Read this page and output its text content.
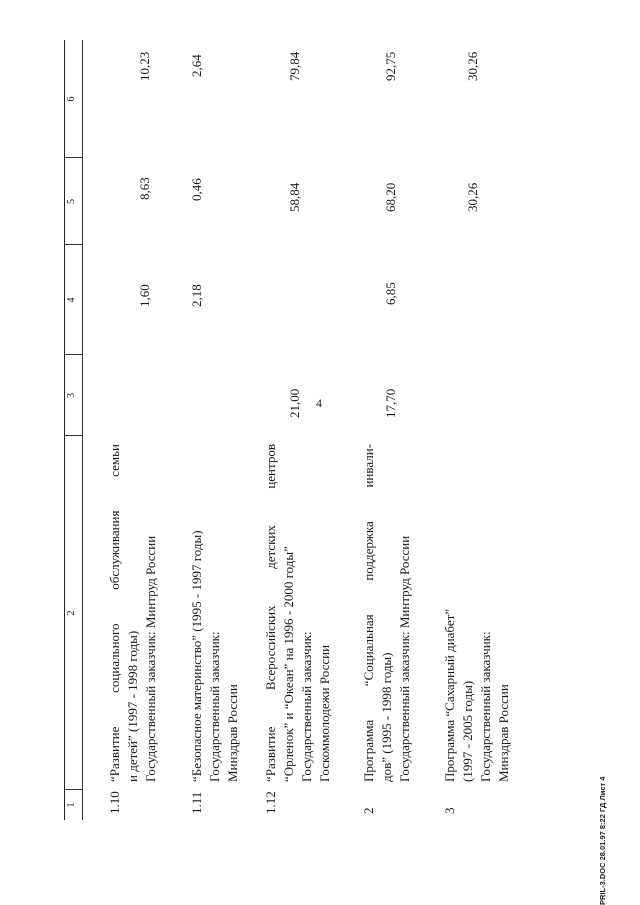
4
1
2
3
4
5
6
1.10
“Развитие социального обслуживания семьи и детей” (1997 - 1998 годы) Государственный заказчик: Минтруд России
1,60
8,63
10,23
1.11
“Безопасное материнство” (1995 - 1997 годы) Государственный заказчик: Минздрав России
2,18
0,46
2,64
1.12
“Развитие Всероссийских детских центров “Орленок” и “Океан” на 1996 - 2000 годы” Государственный заказчик: Госкоммолодежи России
21,00
58,84
79,84
2
Программа “Социальная поддержка инвали- дов” (1995 - 1998 годы) Государственный заказчик: Минтруд России
17,70
6,85
68,20
92,75
3
Программа “Сахарный диабет” (1997 - 2005 годы) Государственный заказчик: Минздрав России
30,26
30,26
PRIL-3.DOC 28.01.97 8:22 ГД Лист 4
